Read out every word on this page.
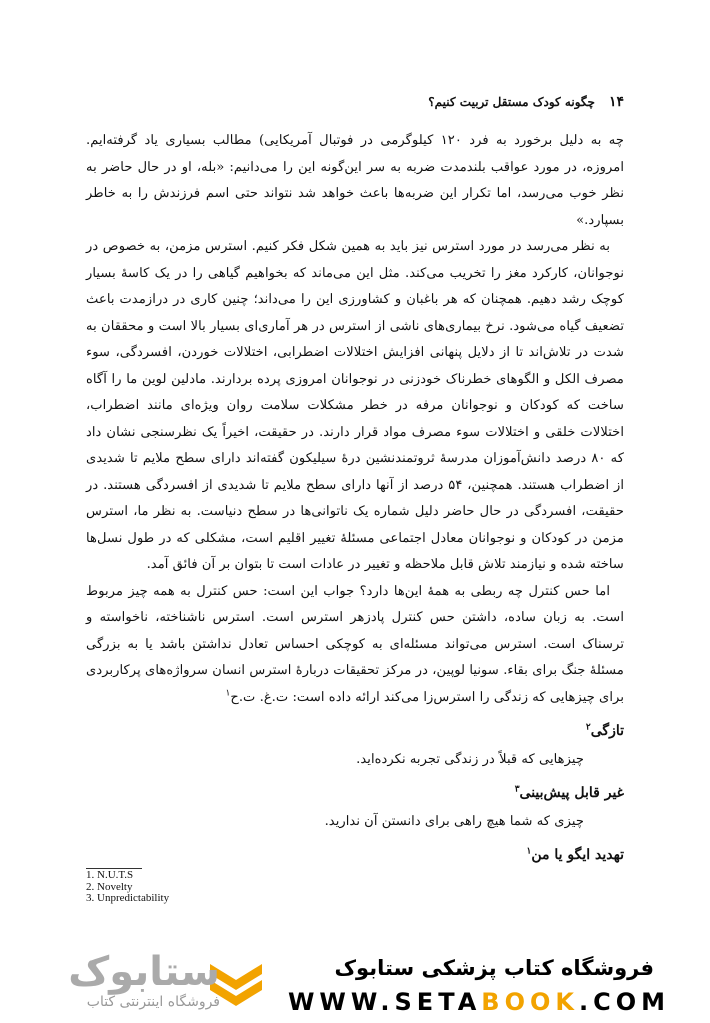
۱۴
چگونه کودک مستقل تربیت کنیم؟

چه به دلیل برخورد به فرد ۱۲۰ کیلوگرمی در فوتبال آمریکایی) مطالب بسیاری یاد گرفته‌ایم. امروزه، در مورد عواقب بلندمدت ضربه به سر این‌گونه این را می‌دانیم: «بله، او در حال حاضر به نظر خوب می‌رسد، اما تکرار این ضربه‌ها باعث خواهد شد نتواند حتی اسم فرزندش را به خاطر بسپارد.»

به نظر می‌رسد در مورد استرس نیز باید به همین شکل فکر کنیم. استرس مزمن، به خصوص در نوجوانان، کارکرد مغز را تخریب می‌کند. مثل این می‌ماند که بخواهیم گیاهی را در یک کاسهٔ بسیار کوچک رشد دهیم. همچنان که هر باغبان و کشاورزی این را می‌داند؛ چنین کاری در درازمدت باعث تضعیف گیاه می‌شود. نرخ بیماری‌های ناشی از استرس در هر آماری‌ای بسیار بالا است و محققان به شدت در تلاش‌اند تا از دلایل پنهانی افزایش اختلالات اضطرابی، اختلالات خوردن، افسردگی، سوء مصرف الکل و الگوهای خطرناک خودزنی در نوجوانان امروزی پرده بردارند. مادلین لوین ما را آگاه ساخت که کودکان و نوجوانان مرفه در خطر مشکلات سلامت روان ویژه‌ای مانند اضطراب، اختلالات خلقی و اختلالات سوء مصرف مواد قرار دارند. در حقیقت، اخیراً یک نظرسنجی نشان داد که ۸۰ درصد دانش‌آموزان مدرسهٔ ثروتمندنشین درهٔ سیلیکون گفته‌اند دارای سطح ملایم تا شدیدی از اضطراب هستند. همچنین، ۵۴ درصد از آنها دارای سطح ملایم تا شدیدی از افسردگی هستند. در حقیقت، افسردگی در حال حاضر دلیل شماره یک ناتوانی‌ها در سطح دنیاست. به نظر ما، استرس مزمن در کودکان و نوجوانان معادل اجتماعی مسئلهٔ تغییر اقلیم است، مشکلی که در طول نسل‌ها ساخته شده و نیازمند تلاش قابل ملاحظه و تغییر در عادات است تا بتوان بر آن فائق آمد.

اما حس کنترل چه ربطی به همهٔ این‌ها دارد؟ جواب این است: حس کنترل به همه چیز مربوط است. به زبان ساده، داشتن حس کنترل پادزهر استرس است. استرس ناشناخته، ناخواسته و ترسناک است. استرس می‌تواند مسئله‌ای به کوچکی احساس تعادل نداشتن باشد یا به بزرگی مسئلهٔ جنگ برای بقاء. سونیا لوپین، در مرکز تحقیقات دربارهٔ استرس انسان سرواژه‌های پرکاربردی برای چیزهایی که زندگی را استرس‌زا می‌کند ارائه داده است: ت.غ. ت.ح$^۱$

تازگی$^۲$
چیزهایی که قبلاً در زندگی تجربه نکرده‌اید.
غیر قابل پیش‌بینی$^۳$
چیزی که شما هیچ راهی برای دانستن آن ندارید.
تهدید ایگو یا من$^۱$
1. N.U.T.S
2. Novelty
3. Unpredictability
ستابوک
فروشگاه اینترنتی کتاب
فروشگاه کتاب پزشکی ستابوک
WWW.SETABOOK.COM
